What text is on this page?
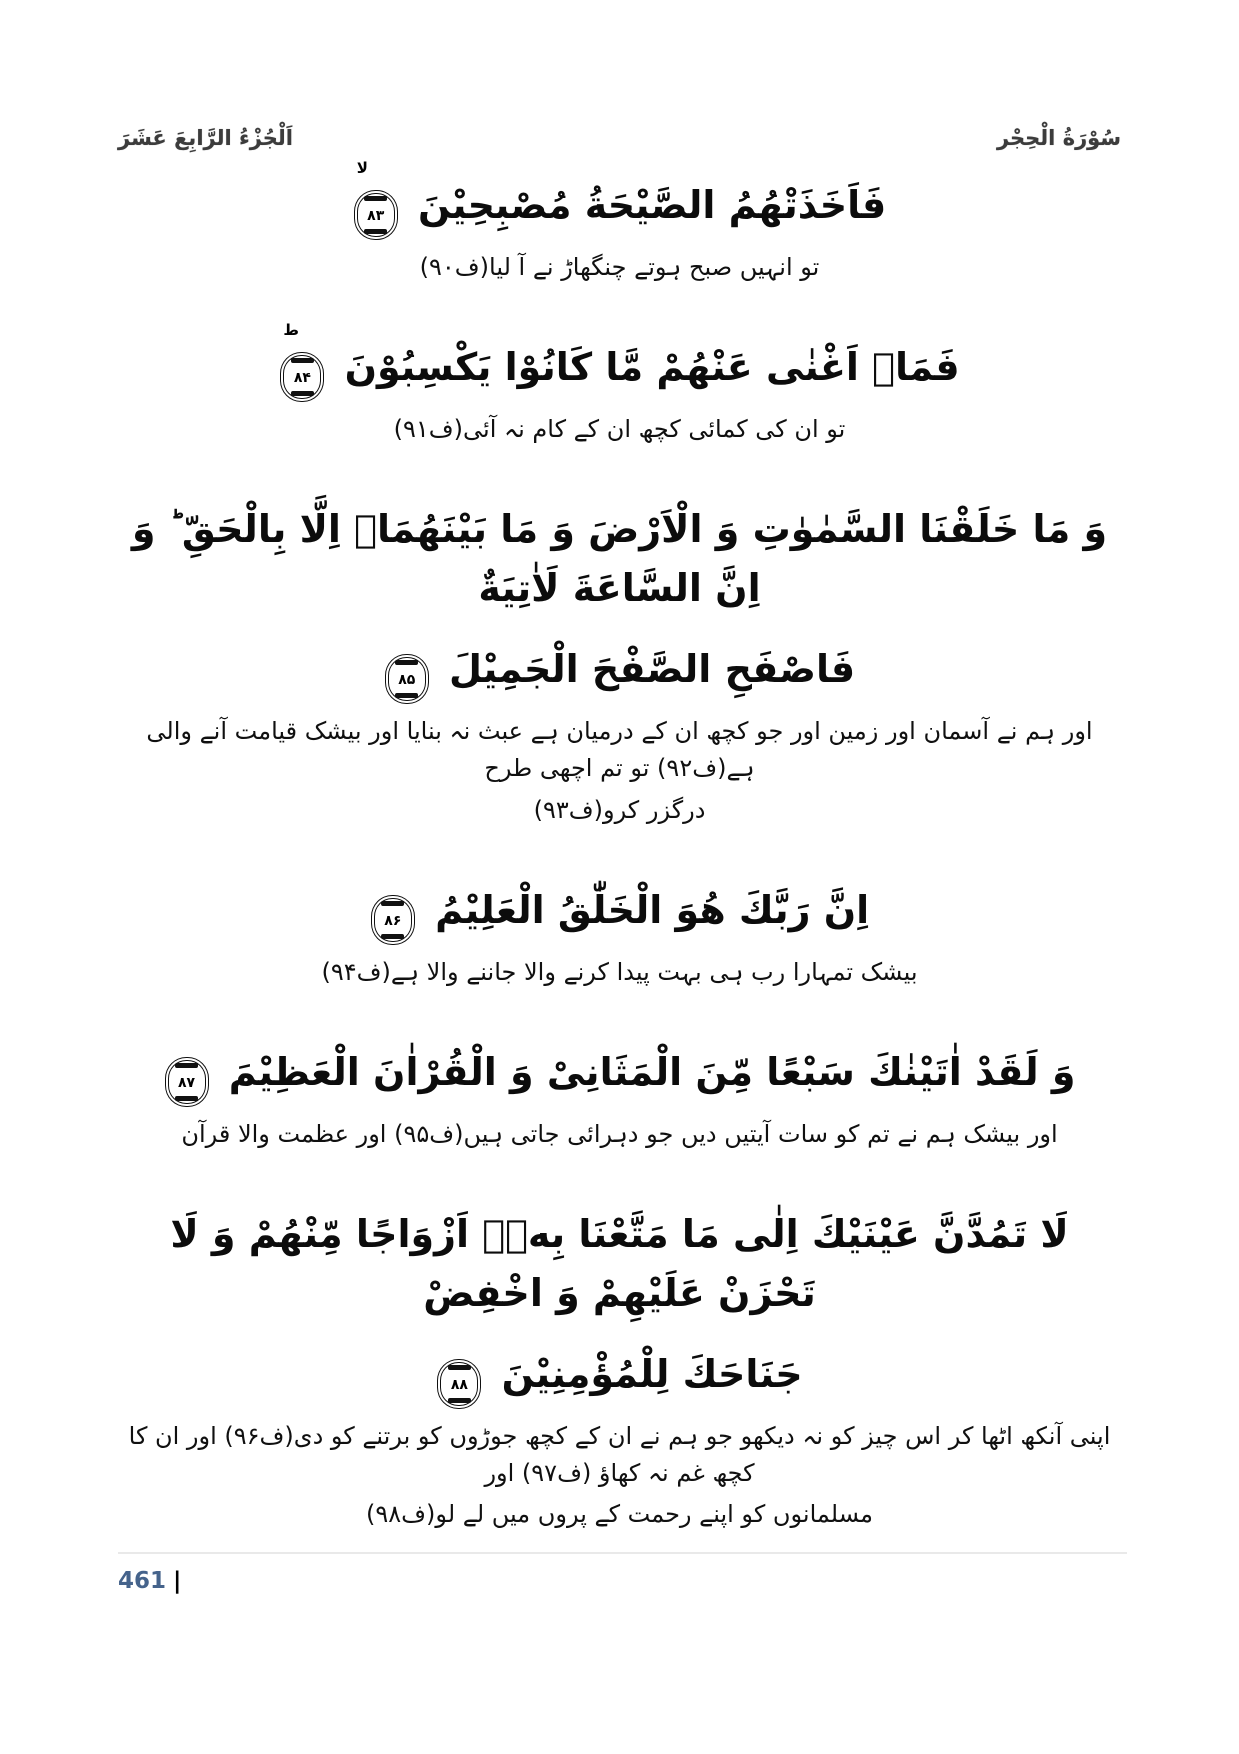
اَلْجُزْءُ الرَّابِعَ عَشَرَ	سُوْرَةُ الْحِجْر
فَاَخَذَتْهُمُ الصَّیْحَةُ مُصْبِحِیْنَ
لا
۸۳
تو انہیں صبح ہوتے چنگھاڑ نے آ لیا(ف۹۰)
فَمَاۤ اَغْنٰی عَنْهُمْ مَّا كَانُوْا یَكْسِبُوْنَ
ط
۸۴
تو ان کی کمائی کچھ ان کے کام نہ آئی(ف۹۱)
وَ مَا خَلَقْنَا السَّمٰوٰتِ وَ الْاَرْضَ وَ مَا بَیْنَهُمَاۤ اِلَّا بِالْحَقِّ ؕ وَ اِنَّ السَّاعَةَ لَاٰتِیَةٌ
فَاصْفَحِ الصَّفْحَ الْجَمِیْلَ ۸۵
اور ہم نے آسمان اور زمین اور جو کچھ ان کے درمیان ہے عبث نہ بنایا اور بیشک قیامت آنے والی ہے(ف۹۲) تو تم اچھی طرح
درگزر کرو(ف۹۳)
اِنَّ رَبَّكَ هُوَ الْخَلّٰقُ الْعَلِیْمُ ۸۶
بیشک تمہارا رب ہی بہت پیدا کرنے والا جاننے والا ہے(ف۹۴)
وَ لَقَدْ اٰتَیْنٰكَ سَبْعًا مِّنَ الْمَثَانِیْ وَ الْقُرْاٰنَ الْعَظِیْمَ ۸۷
اور بیشک ہم نے تم کو سات آیتیں دیں جو دہرائی جاتی ہیں(ف۹۵) اور عظمت والا قرآن
لَا تَمُدَّنَّ عَیْنَیْكَ اِلٰی مَا مَتَّعْنَا بِهٖۤ اَزْوَاجًا مِّنْهُمْ وَ لَا تَحْزَنْ عَلَیْهِمْ وَ اخْفِضْ
جَنَاحَكَ لِلْمُؤْمِنِیْنَ ۸۸
اپنی آنکھ اٹھا کر اس چیز کو نہ دیکھو جو ہم نے ان کے کچھ جوڑوں کو برتنے کو دی(ف۹۶) اور ان کا کچھ غم نہ کھاؤ (ف۹۷) اور
مسلمانوں کو اپنے رحمت کے پروں میں لے لو(ف۹۸)
461 |
